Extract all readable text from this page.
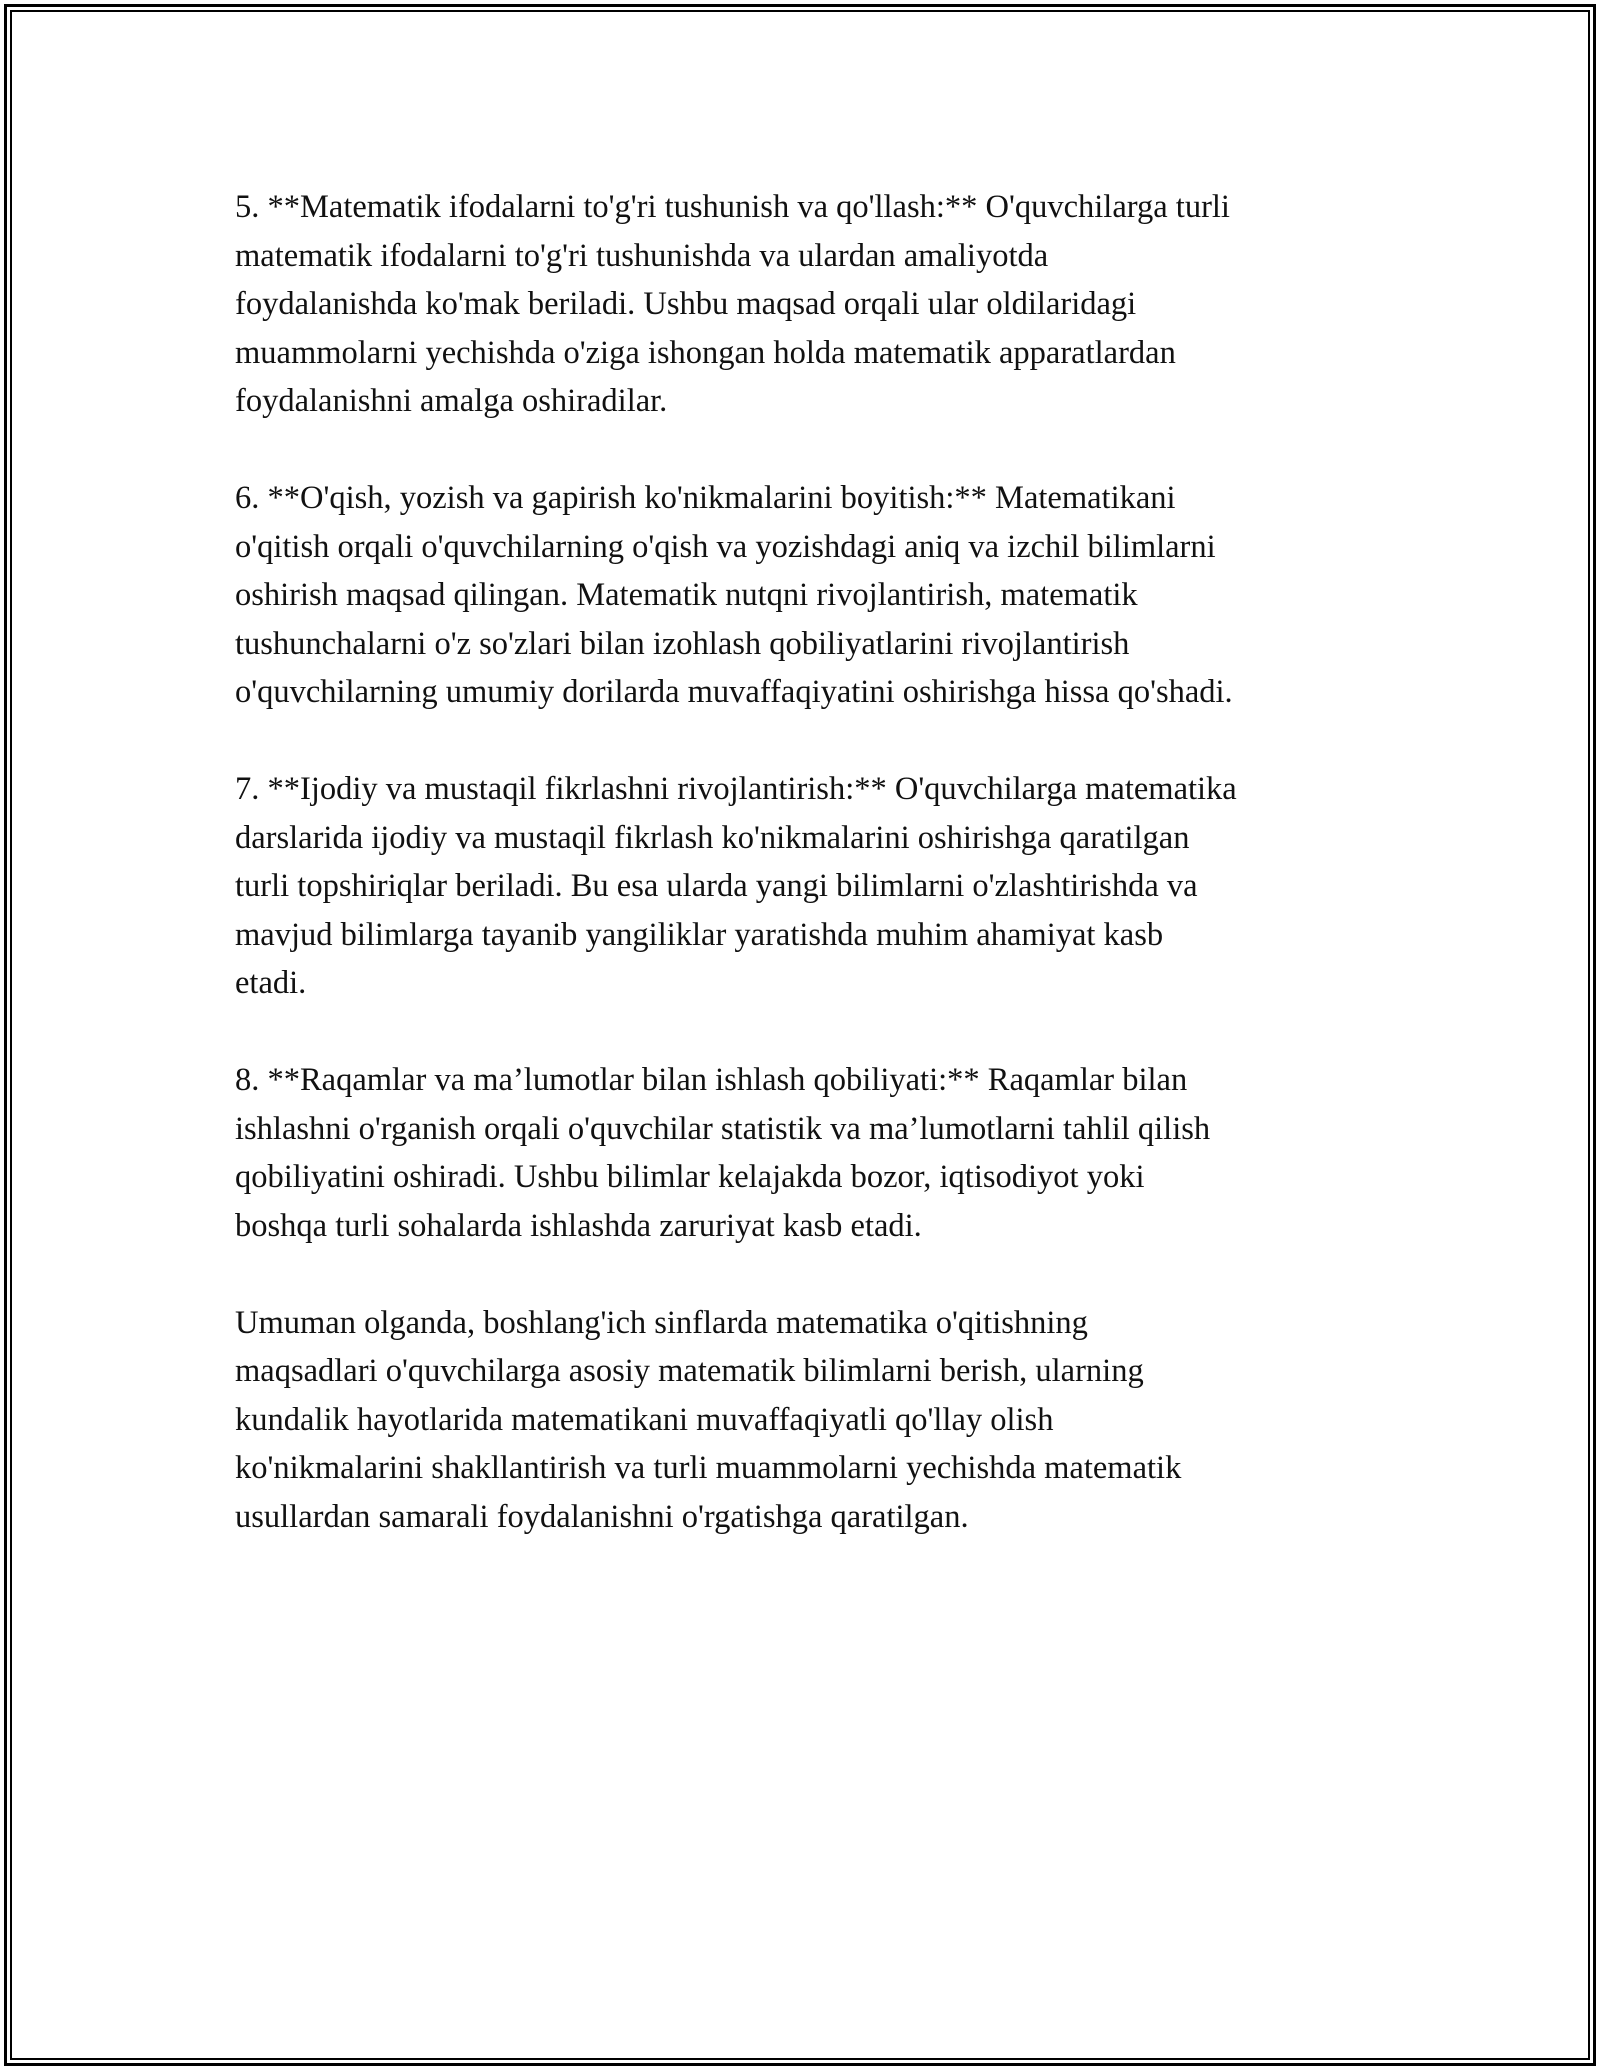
5. **Matematik ifodalarni to'g'ri tushunish va qo'llash:** O'quvchilarga turli
matematik ifodalarni to'g'ri tushunishda va ulardan amaliyotda
foydalanishda ko'mak beriladi. Ushbu maqsad orqali ular oldilaridagi
muammolarni yechishda o'ziga ishongan holda matematik apparatlardan
foydalanishni amalga oshiradilar.

6. **O'qish, yozish va gapirish ko'nikmalarini boyitish:** Matematikani
o'qitish orqali o'quvchilarning o'qish va yozishdagi aniq va izchil bilimlarni
oshirish maqsad qilingan. Matematik nutqni rivojlantirish, matematik
tushunchalarni o'z so'zlari bilan izohlash qobiliyatlarini rivojlantirish
o'quvchilarning umumiy dorilarda muvaffaqiyatini oshirishga hissa qo'shadi.

7. **Ijodiy va mustaqil fikrlashni rivojlantirish:** O'quvchilarga matematika
darslarida ijodiy va mustaqil fikrlash ko'nikmalarini oshirishga qaratilgan
turli topshiriqlar beriladi. Bu esa ularda yangi bilimlarni o'zlashtirishda va
mavjud bilimlarga tayanib yangiliklar yaratishda muhim ahamiyat kasb
etadi.

8. **Raqamlar va ma’lumotlar bilan ishlash qobiliyati:** Raqamlar bilan
ishlashni o'rganish orqali o'quvchilar statistik va ma’lumotlarni tahlil qilish
qobiliyatini oshiradi. Ushbu bilimlar kelajakda bozor, iqtisodiyot yoki
boshqa turli sohalarda ishlashda zaruriyat kasb etadi.

Umuman olganda, boshlang'ich sinflarda matematika o'qitishning
maqsadlari o'quvchilarga asosiy matematik bilimlarni berish, ularning
kundalik hayotlarida matematikani muvaffaqiyatli qo'llay olish
ko'nikmalarini shakllantirish va turli muammolarni yechishda matematik
usullardan samarali foydalanishni o'rgatishga qaratilgan.
